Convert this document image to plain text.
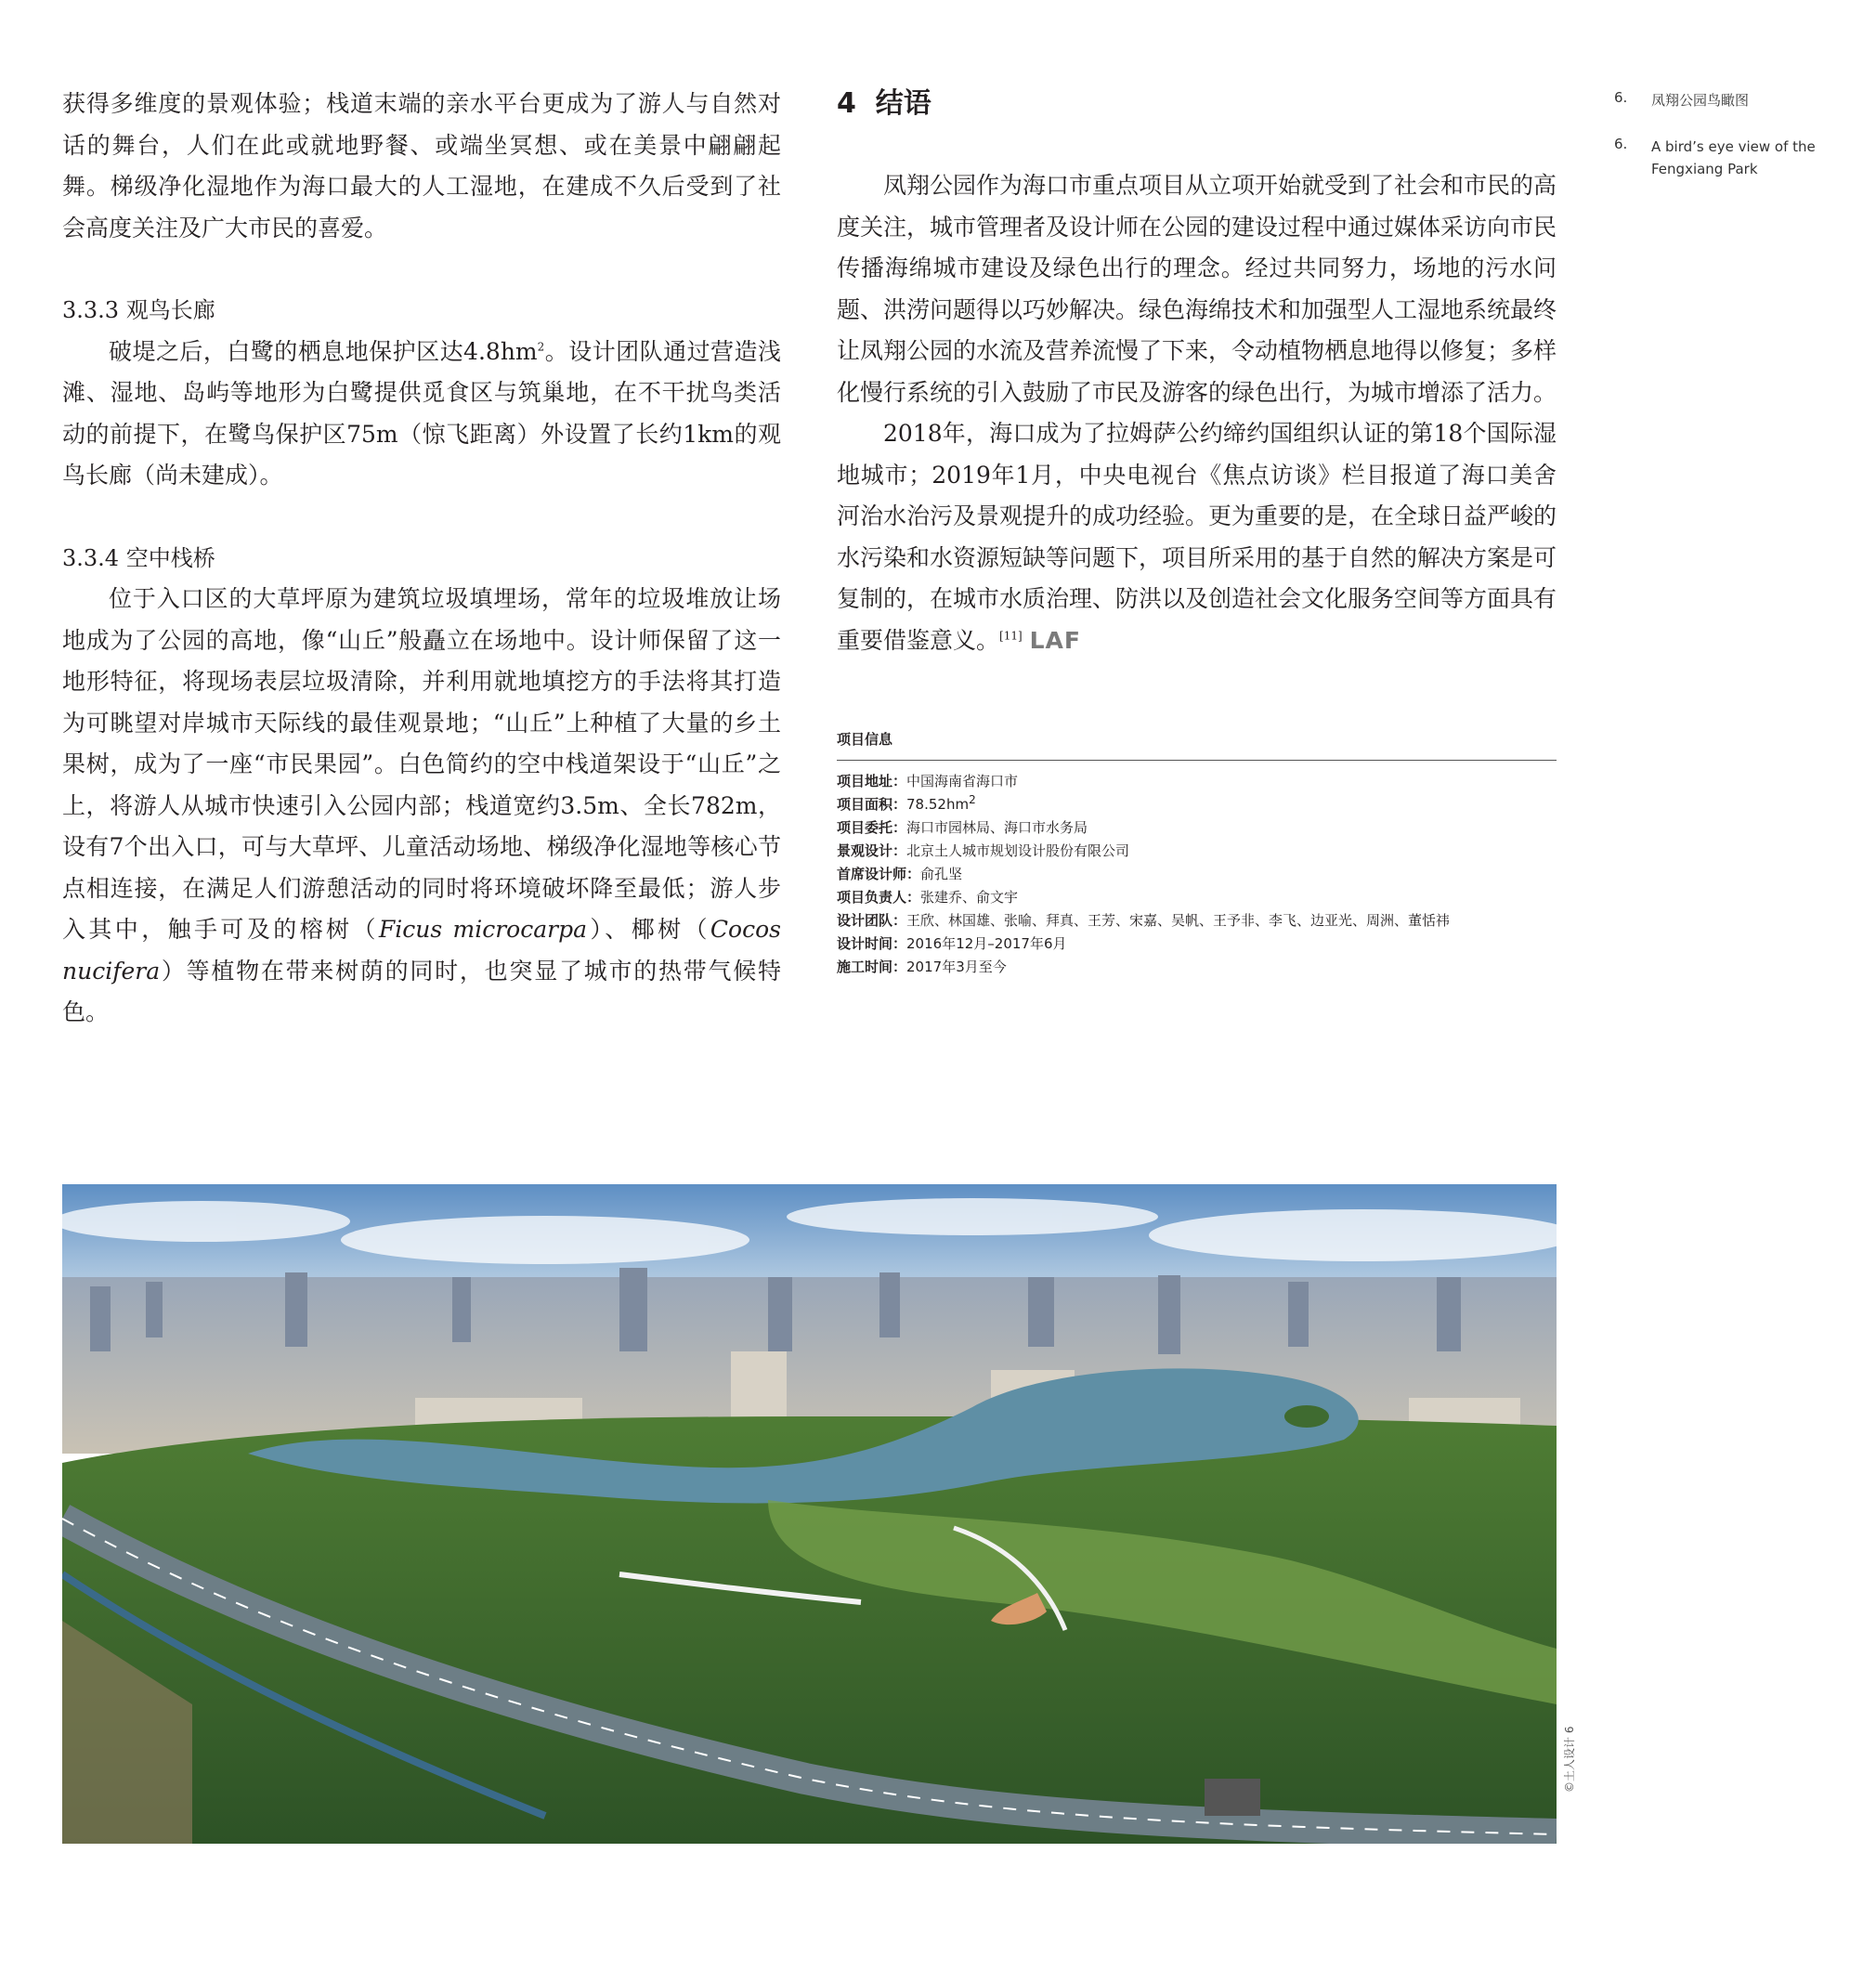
获得多维度的景观体验；栈道末端的亲水平台更成为了游人与自然对话的舞台，人们在此或就地野餐、或端坐冥想、或在美景中翩翩起舞。梯级净化湿地作为海口最大的人工湿地，在建成不久后受到了社会高度关注及广大市民的喜爱。

3.3.3 观鸟长廊

破堤之后，白鹭的栖息地保护区达$4.8hm^2$。设计团队通过营造浅滩、湿地、岛屿等地形为白鹭提供觅食区与筑巢地，在不干扰鸟类活动的前提下，在鹭鸟保护区75m（惊飞距离）外设置了长约1km的观鸟长廊（尚未建成）。

3.3.4 空中栈桥

位于入口区的大草坪原为建筑垃圾填埋场，常年的垃圾堆放让场地成为了公园的高地，像“山丘”般矗立在场地中。设计师保留了这一地形特征，将现场表层垃圾清除，并利用就地填挖方的手法将其打造为可眺望对岸城市天际线的最佳观景地；“山丘”上种植了大量的乡土果树，成为了一座“市民果园”。白色简约的空中栈道架设于“山丘”之上，将游人从城市快速引入公园内部；栈道宽约3.5m、全长782m，设有7个出入口，可与大草坪、儿童活动场地、梯级净化湿地等核心节点相连接，在满足人们游憩活动的同时将环境破坏降至最低；游人步入其中，触手可及的榕树（Ficus microcarpa）、椰树（Cocos nucifera）等植物在带来树荫的同时，也突显了城市的热带气候特色。

4  结语

凤翔公园作为海口市重点项目从立项开始就受到了社会和市民的高度关注，城市管理者及设计师在公园的建设过程中通过媒体采访向市民传播海绵城市建设及绿色出行的理念。经过共同努力，场地的污水问题、洪涝问题得以巧妙解决。绿色海绵技术和加强型人工湿地系统最终让凤翔公园的水流及营养流慢了下来，令动植物栖息地得以修复；多样化慢行系统的引入鼓励了市民及游客的绿色出行，为城市增添了活力。

2018年，海口成为了拉姆萨公约缔约国组织认证的第18个国际湿地城市；2019年1月，中央电视台《焦点访谈》栏目报道了海口美舍河治水治污及景观提升的成功经验。更为重要的是，在全球日益严峻的水污染和水资源短缺等问题下，项目所采用的基于自然的解决方案是可复制的，在城市水质治理、防洪以及创造社会文化服务空间等方面具有重要借鉴意义。[11] LAF

项目信息

项目地址：中国海南省海口市
项目面积：$78.52hm^2$
项目委托：海口市园林局、海口市水务局
景观设计：北京土人城市规划设计股份有限公司
首席设计师：俞孔坚
项目负责人：张建乔、俞文宇
设计团队：王欣、林国雄、张喻、拜真、王芳、宋嘉、吴帆、王予非、李飞、边亚光、周洲、董恬祎
设计时间：2016年12月–2017年6月
施工时间：2017年3月至今
6. 凤翔公园鸟瞰图
6. A bird’s eye view of the
Fengxiang Park
©土人设计 6
